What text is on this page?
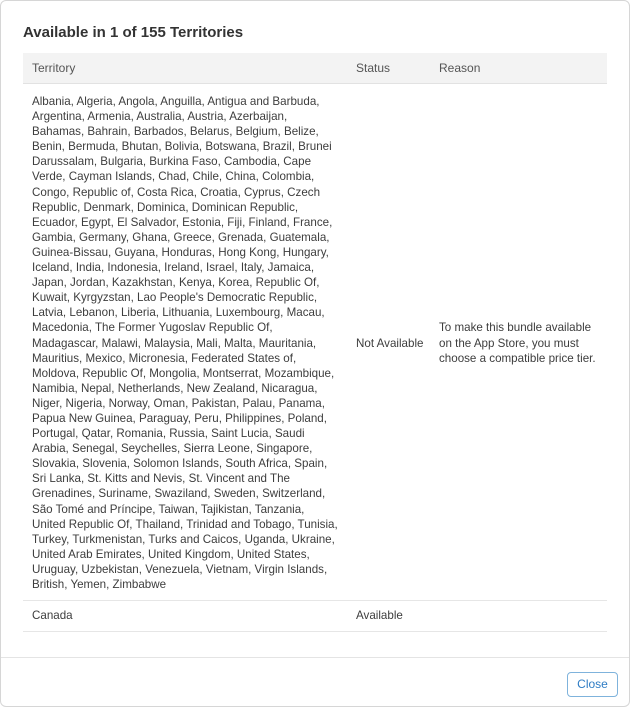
Available in 1 of 155 Territories
Territory	Status	Reason
Albania, Algeria, Angola, Anguilla, Antigua and Barbuda, Argentina, Armenia, Australia, Austria, Azerbaijan, Bahamas, Bahrain, Barbados, Belarus, Belgium, Belize, Benin, Bermuda, Bhutan, Bolivia, Botswana, Brazil, Brunei Darussalam, Bulgaria, Burkina Faso, Cambodia, Cape Verde, Cayman Islands, Chad, Chile, China, Colombia, Congo, Republic of, Costa Rica, Croatia, Cyprus, Czech Republic, Denmark, Dominica, Dominican Republic, Ecuador, Egypt, El Salvador, Estonia, Fiji, Finland, France, Gambia, Germany, Ghana, Greece, Grenada, Guatemala, Guinea-Bissau, Guyana, Honduras, Hong Kong, Hungary, Iceland, India, Indonesia, Ireland, Israel, Italy, Jamaica, Japan, Jordan, Kazakhstan, Kenya, Korea, Republic Of, Kuwait, Kyrgyzstan, Lao People's Democratic Republic, Latvia, Lebanon, Liberia, Lithuania, Luxembourg, Macau, Macedonia, The Former Yugoslav Republic Of, Madagascar, Malawi, Malaysia, Mali, Malta, Mauritania, Mauritius, Mexico, Micronesia, Federated States of, Moldova, Republic Of, Mongolia, Montserrat, Mozambique, Namibia, Nepal, Netherlands, New Zealand, Nicaragua, Niger, Nigeria, Norway, Oman, Pakistan, Palau, Panama, Papua New Guinea, Paraguay, Peru, Philippines, Poland, Portugal, Qatar, Romania, Russia, Saint Lucia, Saudi Arabia, Senegal, Seychelles, Sierra Leone, Singapore, Slovakia, Slovenia, Solomon Islands, South Africa, Spain, Sri Lanka, St. Kitts and Nevis, St. Vincent and The Grenadines, Suriname, Swaziland, Sweden, Switzerland, São Tomé and Príncipe, Taiwan, Tajikistan, Tanzania, United Republic Of, Thailand, Trinidad and Tobago, Tunisia, Turkey, Turkmenistan, Turks and Caicos, Uganda, Ukraine, United Arab Emirates, United Kingdom, United States, Uruguay, Uzbekistan, Venezuela, Vietnam, Virgin Islands, British, Yemen, Zimbabwe	Not Available	To make this bundle available on the App Store, you must choose a compatible price tier.
Canada	Available	
Close
